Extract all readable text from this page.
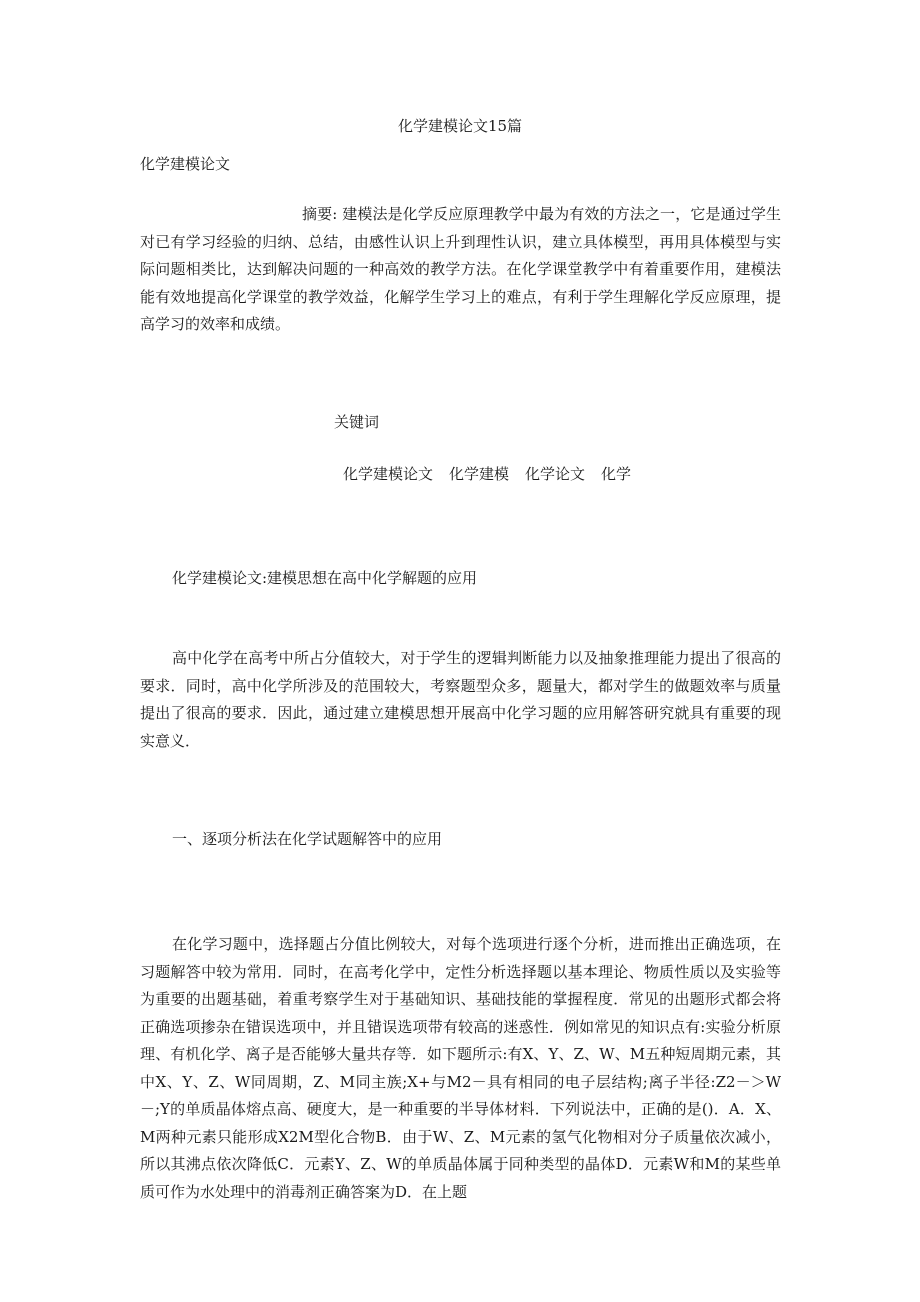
化学建模论文15篇
化学建模论文

摘要: 建模法是化学反应原理教学中最为有效的方法之一，它是通过学生对已有学习经验的归纳、总结，由感性认识上升到理性认识，建立具体模型，再用具体模型与实际问题相类比，达到解决问题的一种高效的教学方法。在化学课堂教学中有着重要作用，建模法能有效地提高化学课堂的教学效益，化解学生学习上的难点，有利于学生理解化学反应原理，提高学习的效率和成绩。

关键词
化学建模论文 化学建模 化学论文 化学
化学建模论文:建模思想在高中化学解题的应用

高中化学在高考中所占分值较大，对于学生的逻辑判断能力以及抽象推理能力提出了很高的要求．同时，高中化学所涉及的范围较大，考察题型众多，题量大，都对学生的做题效率与质量提出了很高的要求．因此，通过建立建模思想开展高中化学习题的应用解答研究就具有重要的现实意义．

一、逐项分析法在化学试题解答中的应用

在化学习题中，选择题占分值比例较大，对每个选项进行逐个分析，进而推出正确选项，在习题解答中较为常用．同时，在高考化学中，定性分析选择题以基本理论、物质性质以及实验等为重要的出题基础，着重考察学生对于基础知识、基础技能的掌握程度．常见的出题形式都会将正确选项掺杂在错误选项中，并且错误选项带有较高的迷惑性．例如常见的知识点有:实验分析原理、有机化学、离子是否能够大量共存等．如下题所示:有X、Y、Z、W、M五种短周期元素，其中X、Y、Z、W同周期，Z、M同主族;X+与M2－具有相同的电子层结构;离子半径:Z2－＞W－;Y的单质晶体熔点高、硬度大，是一种重要的半导体材料．下列说法中，正确的是()．A．X、M两种元素只能形成X2M型化合物B．由于W、Z、M元素的氢气化物相对分子质量依次减小，所以其沸点依次降低C．元素Y、Z、W的单质晶体属于同种类型的晶体D．元素W和M的某些单质可作为水处理中的消毒剂正确答案为D．在上题
